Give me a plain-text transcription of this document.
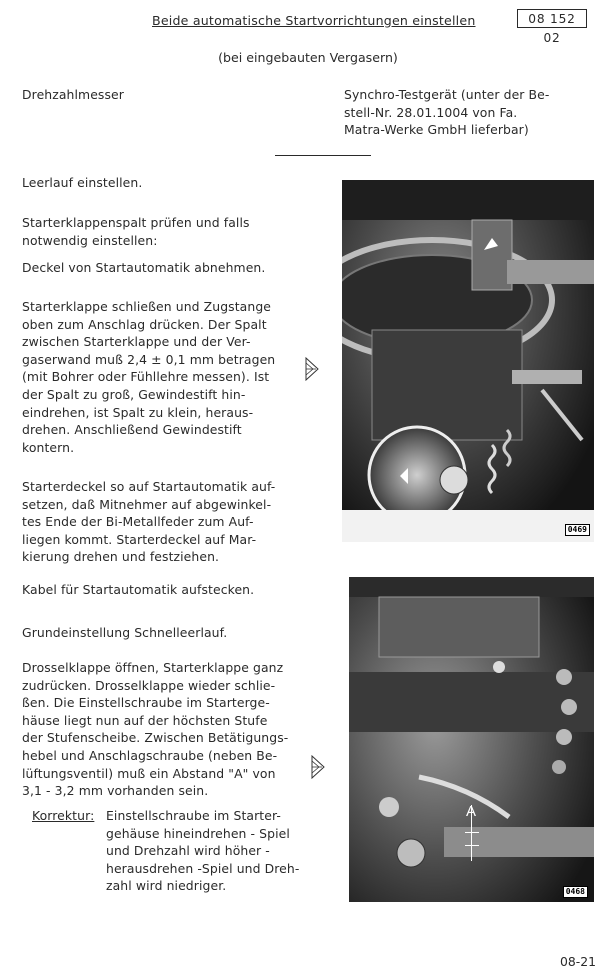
Beide automatische Startvorrichtungen einstellen	08 152 02
(bei eingebauten Vergasern)
Drehzahlmesser	Synchro-Testgerät (unter der Be-

stell-Nr. 28.01.1004 von Fa.

Matra-Werke GmbH lieferbar)

Leerlauf einstellen.

Starterklappenspalt prüfen und falls

notwendig einstellen:

Deckel von Startautomatik abnehmen.

Starterklappe schließen und Zugstange

oben zum Anschlag drücken. Der Spalt

zwischen Starterklappe und der Ver-

gaserwand muß 2,4 ± 0,1 mm betragen

(mit Bohrer oder Fühllehre messen). Ist

der Spalt zu groß, Gewindestift hin-

eindrehen, ist Spalt zu klein, heraus-

drehen. Anschließend Gewindestift

kontern.

Starterdeckel so auf Startautomatik auf-

setzen, daß Mitnehmer auf abgewinkel-

tes Ende der Bi-Metallfeder zum Auf-

liegen kommt. Starterdeckel auf Mar-

kierung drehen und festziehen.

Kabel für Startautomatik aufstecken.

Grundeinstellung Schnelleerlauf.

Drosselklappe öffnen, Starterklappe ganz

zudrücken. Drosselklappe wieder schlie-

ßen. Die Einstellschraube im Starterge-

häuse liegt nun auf der höchsten Stufe

der Stufenscheibe. Zwischen Betätigungs-

hebel und Anschlagschraube (neben Be-

lüftungsventil) muß ein Abstand "A" von

3,1 - 3,2 mm vorhanden sein.

Korrektur: Einstellschraube im Starter-

gehäuse hineindrehen - Spiel

und Drehzahl wird höher -

herausdrehen -Spiel und Dreh-

zahl wird niedriger.

0469
A
0468
08-21
